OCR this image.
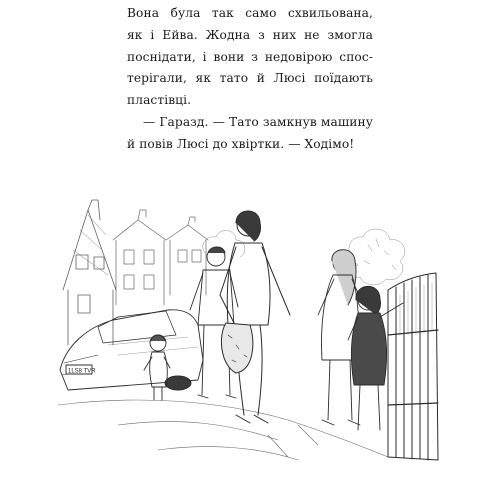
Вона була так само схвильована,
як і Ейва. Жодна з них не змогла
поснідати, і вони з недовірою спос-
терігали, як тато й Люсі поїдають
пластівці.

— Гаразд. — Тато замкнув машину
й повів Люсі до хвіртки. — Ходімо!

1LS8 TVR
